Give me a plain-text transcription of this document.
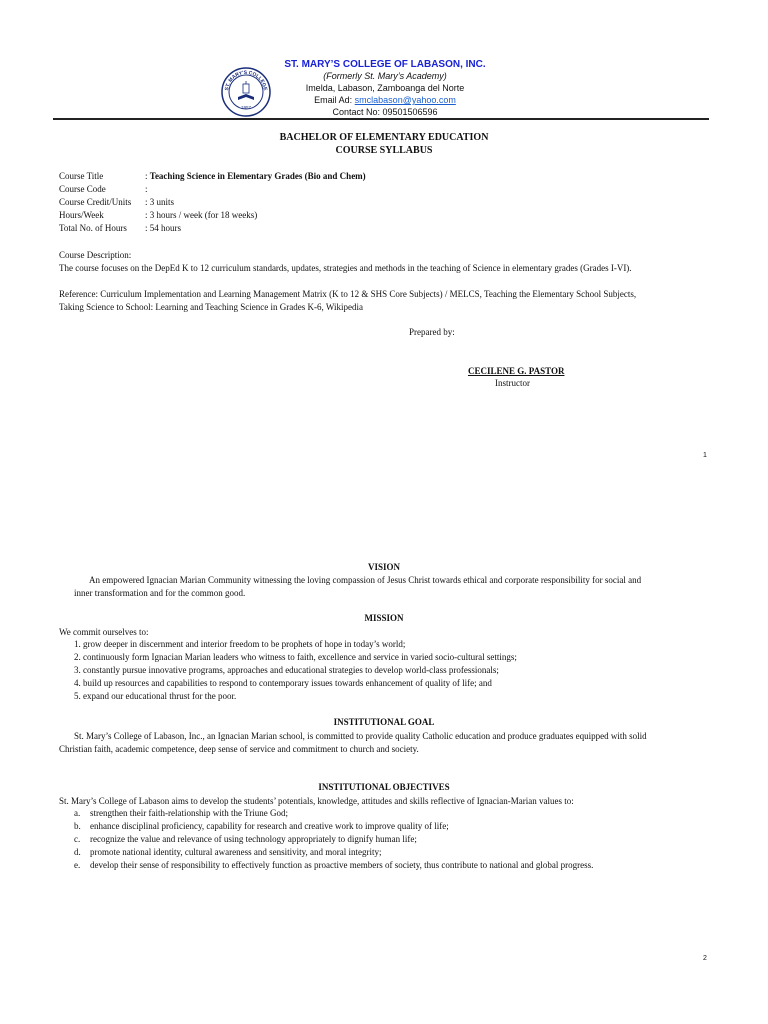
ST. MARY'S COLLEGE
1957
ST. MARY’S COLLEGE OF LABASON, INC.
(Formerly St. Mary’s Academy)
Imelda, Labason, Zamboanga del Norte
Email Ad: smclabason@yahoo.com
Contact No: 09501506596
BACHELOR OF ELEMENTARY EDUCATION
COURSE SYLLABUS
Course Title	: Teaching Science in Elementary Grades (Bio and Chem)
Course Code	:
Course Credit/Units : 3 units
Hours/Week	: 3 hours / week (for 18 weeks)
Total No. of Hours : 54 hours
Course Description:
The course focuses on the DepEd K to 12 curriculum standards, updates, strategies and methods in the teaching of Science in elementary grades (Grades I-VI).
Reference: Curriculum Implementation and Learning Management Matrix (K to 12 & SHS Core Subjects) / MELCS, Teaching the Elementary School Subjects,
Taking Science to School: Learning and Teaching Science in Grades K-6, Wikipedia
Prepared by:
CECILENE G. PASTOR
Instructor
1
VISION
An empowered Ignacian Marian Community witnessing the loving compassion of Jesus Christ towards ethical and corporate responsibility for social and
inner transformation and for the common good.
MISSION
We commit ourselves to:
1. grow deeper in discernment and interior freedom to be prophets of hope in today’s world;
2. continuously form Ignacian Marian leaders who witness to faith, excellence and service in varied socio-cultural settings;
3. constantly pursue innovative programs, approaches and educational strategies to develop world-class professionals;
4. build up resources and capabilities to respond to contemporary issues towards enhancement of quality of life; and
5. expand our educational thrust for the poor.
INSTITUTIONAL GOAL
St. Mary’s College of Labason, Inc., an Ignacian Marian school, is committed to provide quality Catholic education and produce graduates equipped with solid
Christian faith, academic competence, deep sense of service and commitment to church and society.
INSTITUTIONAL OBJECTIVES
St. Mary’s College of Labason aims to develop the students’ potentials, knowledge, attitudes and skills reflective of Ignacian-Marian values to:
a. strengthen their faith-relationship with the Triune God;
b. enhance disciplinal proficiency, capability for research and creative work to improve quality of life;
c. recognize the value and relevance of using technology appropriately to dignify human life;
d. promote national identity, cultural awareness and sensitivity, and moral integrity;
e. develop their sense of responsibility to effectively function as proactive members of society, thus contribute to national and global progress.
2
